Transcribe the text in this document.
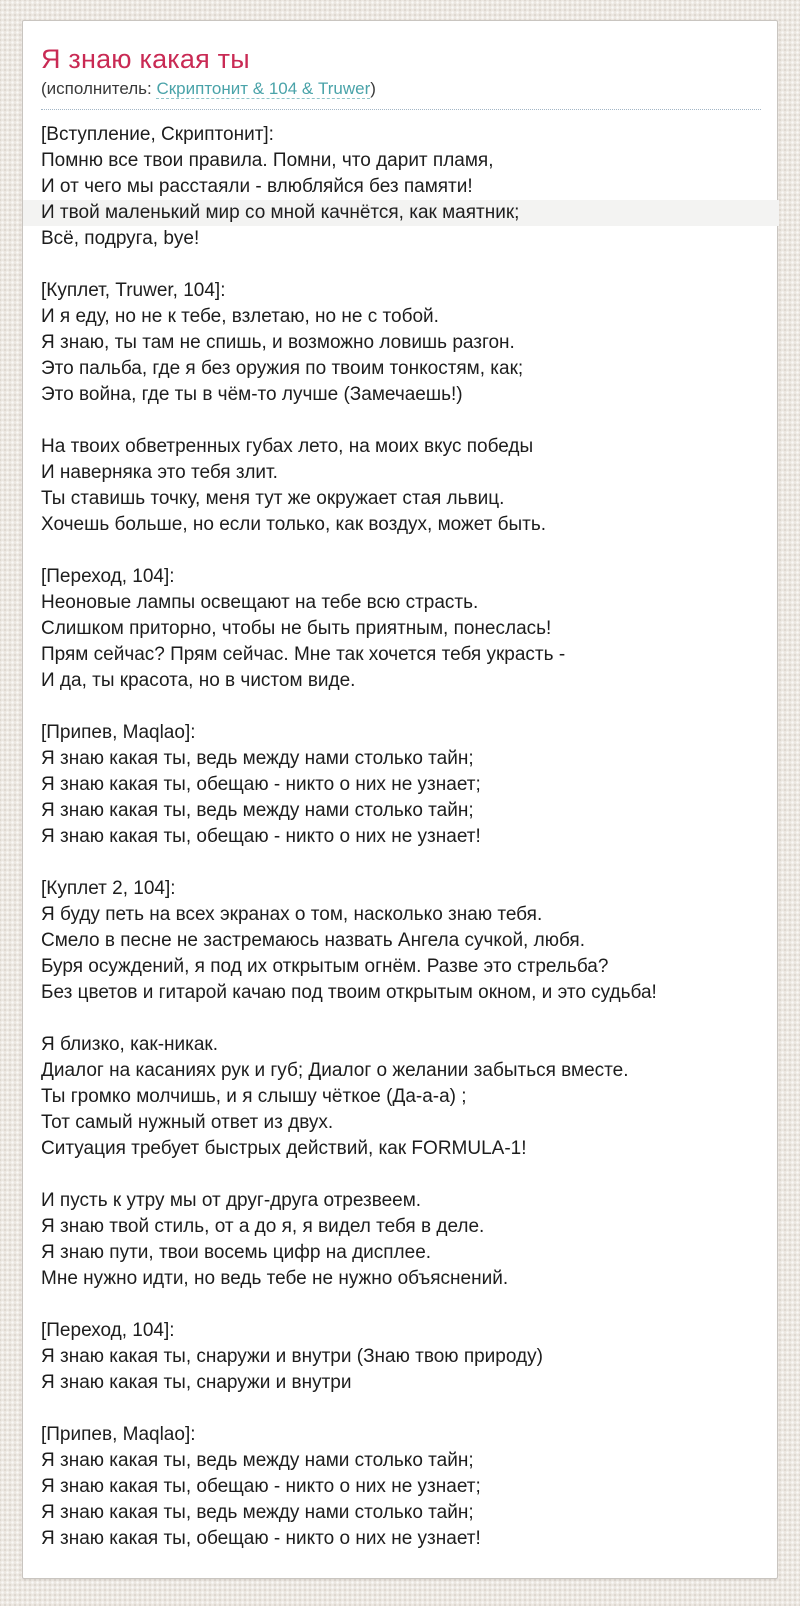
Я знаю какая ты
(исполнитель: Скриптонит & 104 & Truwer)
[Вступление, Скриптонит]:
Помню все твои правила. Помни, что дарит пламя,
И от чего мы расстаяли - влюбляйся без памяти!
И твой маленький мир со мной качнётся, как маятник;
Всё, подруга, bye!
[Куплет, Truwer, 104]:
И я еду, но не к тебе, взлетаю, но не с тобой.
Я знаю, ты там не спишь, и возможно ловишь разгон.
Это пальба, где я без оружия по твоим тонкостям, как;
Это война, где ты в чём-то лучше (Замечаешь!)
На твоих обветренных губах лето, на моих вкус победы
И наверняка это тебя злит.
Ты ставишь точку, меня тут же окружает стая львиц.
Хочешь больше, но если только, как воздух, может быть.
[Переход, 104]:
Неоновые лампы освещают на тебе всю страсть.
Слишком приторно, чтобы не быть приятным, понеслась!
Прям сейчас? Прям сейчас. Мне так хочется тебя украсть -
И да, ты красота, но в чистом виде.
[Припев, Maqlao]:
Я знаю какая ты, ведь между нами столько тайн;
Я знаю какая ты, обещаю - никто о них не узнает;
Я знаю какая ты, ведь между нами столько тайн;
Я знаю какая ты, обещаю - никто о них не узнает!
[Куплет 2, 104]:
Я буду петь на всех экранах о том, насколько знаю тебя.
Смело в песне не застремаюсь назвать Ангела сучкой, любя.
Буря осуждений, я под их открытым огнём. Разве это стрельба?
Без цветов и гитарой качаю под твоим открытым окном, и это судьба!
Я близко, как-никак.
Диалог на касаниях рук и губ; Диалог о желании забыться вместе.
Ты громко молчишь, и я слышу чёткое (Да-а-а) ;
Тот самый нужный ответ из двух.
Ситуация требует быстрых действий, как FORMULA-1!
И пусть к утру мы от друг-друга отрезвеем.
Я знаю твой стиль, от а до я, я видел тебя в деле.
Я знаю пути, твои восемь цифр на дисплее.
Мне нужно идти, но ведь тебе не нужно объяснений.
[Переход, 104]:
Я знаю какая ты, снаружи и внутри (Знаю твою природу)
Я знаю какая ты, снаружи и внутри
[Припев, Maqlao]:
Я знаю какая ты, ведь между нами столько тайн;
Я знаю какая ты, обещаю - никто о них не узнает;
Я знаю какая ты, ведь между нами столько тайн;
Я знаю какая ты, обещаю - никто о них не узнает!
